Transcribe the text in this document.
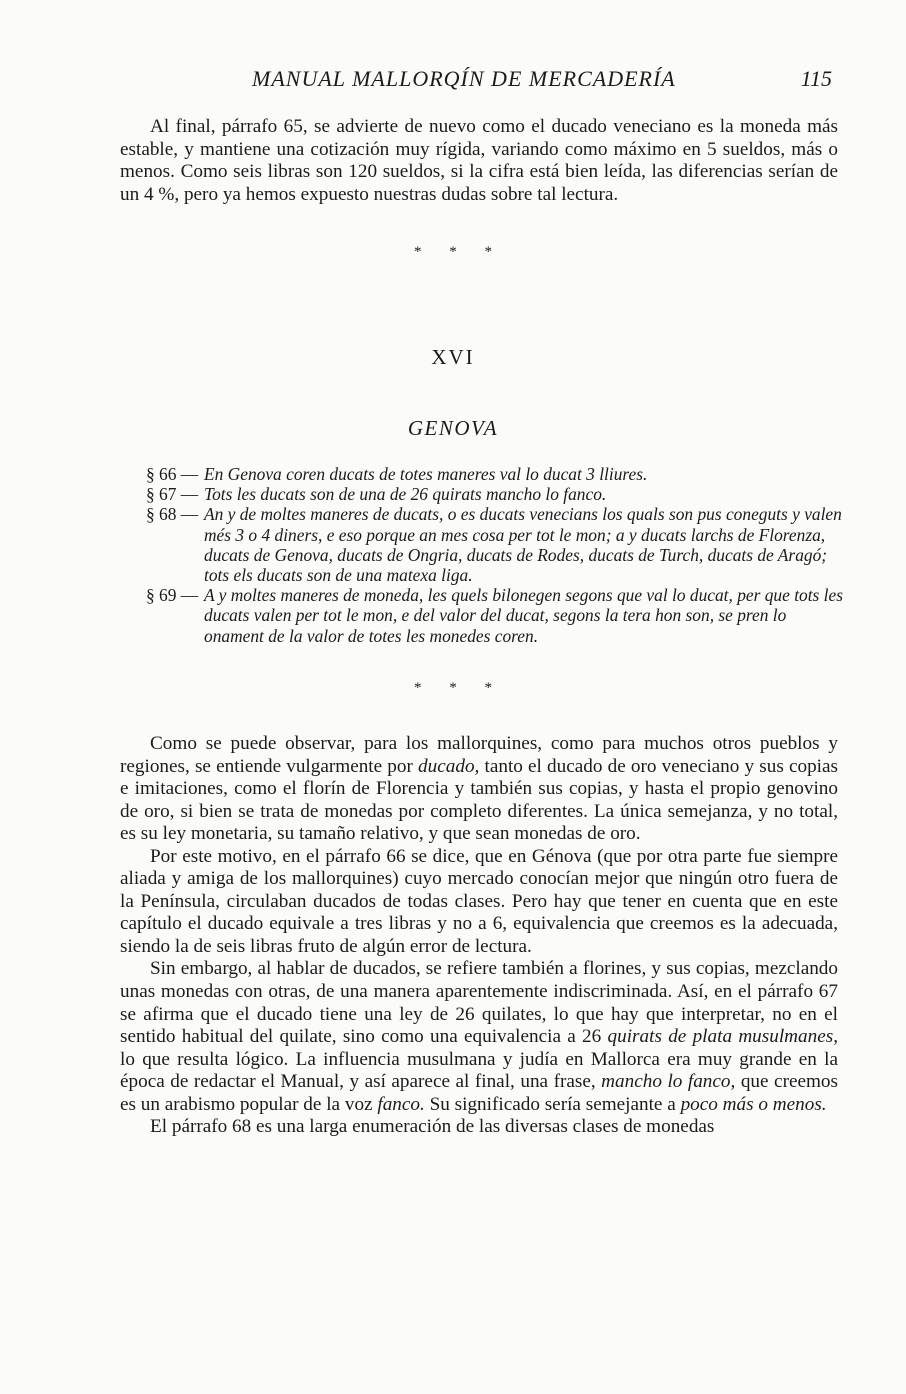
MANUAL MALLORQÍN DE MERCADERÍA	115

Al final, párrafo 65, se advierte de nuevo como el ducado veneciano es la moneda más estable, y mantiene una cotización muy rígida, variando como máximo en 5 sueldos, más o menos. Como seis libras son 120 sueldos, si la cifra está bien leída, las diferencias serían de un 4 %, pero ya hemos expuesto nuestras dudas sobre tal lectura.

* * *
XVI
GENOVA
§ 66 — En Genova coren ducats de totes maneres val lo ducat 3 lliures.
§ 67 — Tots les ducats son de una de 26 quirats mancho lo fanco.
§ 68 — An y de moltes maneres de ducats, o es ducats venecians los quals son pus coneguts y valen més 3 o 4 diners, e eso porque an mes cosa per tot le mon; a y ducats larchs de Florenza, ducats de Genova, ducats de Ongria, ducats de Rodes, ducats de Turch, ducats de Aragó; tots els ducats son de una matexa liga.
§ 69 — A y moltes maneres de moneda, les quels bilonegen segons que val lo ducat, per que tots les ducats valen per tot le mon, e del valor del ducat, segons la tera hon son, se pren lo onament de la valor de totes les monedes coren.
* * *

Como se puede observar, para los mallorquines, como para muchos otros pueblos y regiones, se entiende vulgarmente por ducado, tanto el ducado de oro veneciano y sus copias e imitaciones, como el florín de Florencia y también sus copias, y hasta el propio genovino de oro, si bien se trata de monedas por completo diferentes. La única semejanza, y no total, es su ley monetaria, su tamaño relativo, y que sean monedas de oro.

Por este motivo, en el párrafo 66 se dice, que en Génova (que por otra parte fue siempre aliada y amiga de los mallorquines) cuyo mercado conocían mejor que ningún otro fuera de la Península, circulaban ducados de todas clases. Pero hay que tener en cuenta que en este capítulo el ducado equivale a tres libras y no a 6, equivalencia que creemos es la adecuada, siendo la de seis libras fruto de algún error de lectura.

Sin embargo, al hablar de ducados, se refiere también a florines, y sus copias, mezclando unas monedas con otras, de una manera aparentemente indiscriminada. Así, en el párrafo 67 se afirma que el ducado tiene una ley de 26 quilates, lo que hay que interpretar, no en el sentido habitual del quilate, sino como una equivalencia a 26 quirats de plata musulmanes, lo que resulta lógico. La influencia musulmana y judía en Mallorca era muy grande en la época de redactar el Manual, y así aparece al final, una frase, mancho lo fanco, que creemos es un arabismo popular de la voz fanco. Su significado sería semejante a poco más o menos.

El párrafo 68 es una larga enumeración de las diversas clases de monedas
